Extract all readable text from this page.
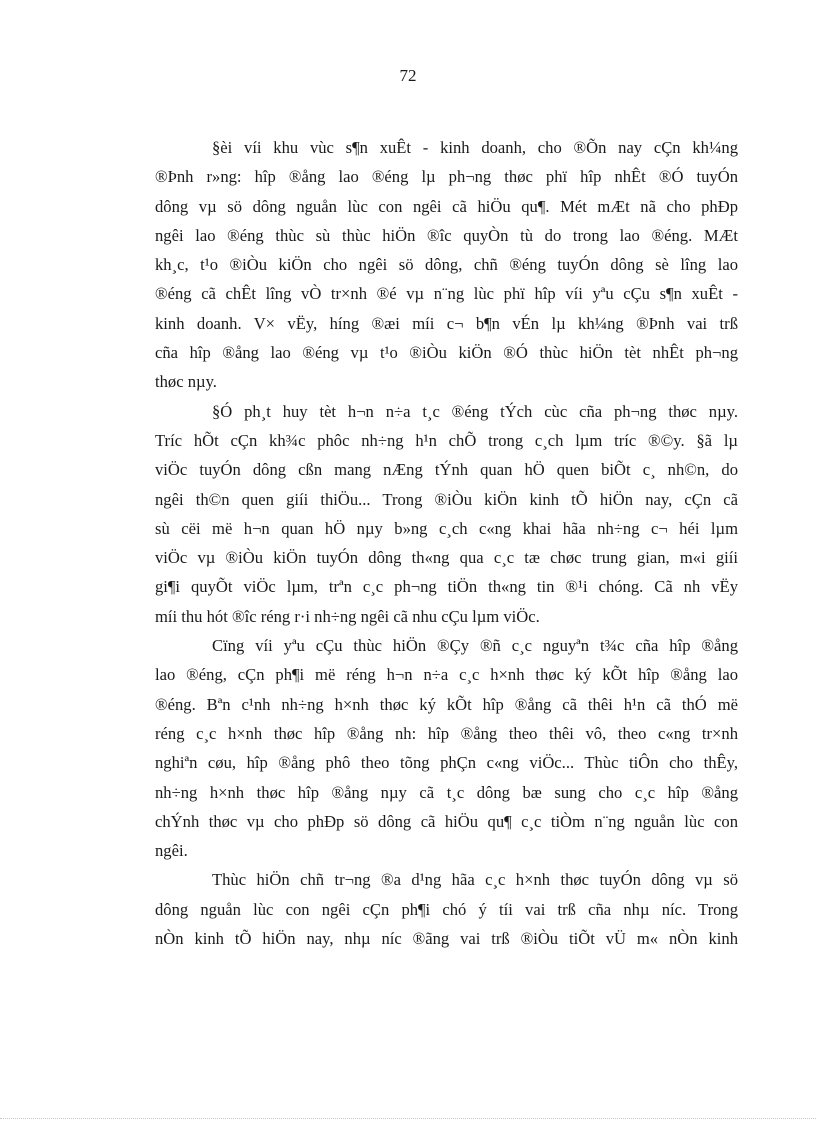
72

§èi víi khu vùc s¶n xuÊt - kinh doanh, cho ®Õn nay cÇn kh¼ng
®Þnh r»ng: hîp ®ång lao ®éng lµ ph¬ng thøc phï hîp nhÊt ®Ó tuyÓn
dông vµ sö dông nguån lùc con ngêi cã hiÖu qu¶. Mét mÆt nã cho phÐp
ngêi lao ®éng thùc sù thùc hiÖn ®îc quyÒn tù do trong lao ®éng. MÆt
kh¸c, t¹o ®iÒu kiÖn cho ngêi sö dông, chñ ®éng tuyÓn dông sè lîng lao
®éng cã chÊt lîng vÒ tr×nh ®é vµ n¨ng lùc phï hîp víi yªu cÇu s¶n xuÊt -
kinh doanh. V× vËy, híng ®æi míi c¬ b¶n vÉn lµ kh¼ng ®Þnh vai trß
cña hîp ®ång lao ®éng vµ t¹o ®iÒu kiÖn ®Ó thùc hiÖn tèt nhÊt ph¬ng
thøc nµy.

§Ó ph¸t huy tèt h¬n n÷a t¸c ®éng tÝch cùc cña ph¬ng thøc nµy.
Tríc hÕt cÇn kh¾c phôc nh÷ng h¹n chÕ trong c¸ch lµm tríc ®©y. §ã lµ
viÖc tuyÓn dông cßn mang nÆng tÝnh quan hÖ quen biÕt c¸ nh©n, do
ngêi th©n quen giíi thiÖu... Trong ®iÒu kiÖn kinh tÕ hiÖn nay, cÇn cã
sù cëi më h¬n quan hÖ nµy b»ng c¸ch c«ng khai hãa nh÷ng c¬ héi lµm
viÖc vµ ®iÒu kiÖn tuyÓn dông th«ng qua c¸c tæ chøc trung gian, m«i giíi
gi¶i quyÕt viÖc lµm, trªn c¸c ph¬ng tiÖn th«ng tin ®¹i chóng. Cã nh vËy
míi thu hót ®îc réng r·i nh÷ng ngêi cã nhu cÇu lµm viÖc.

Cïng víi yªu cÇu thùc hiÖn ®Çy ®ñ c¸c nguyªn t¾c cña hîp ®ång
lao ®éng, cÇn ph¶i më réng h¬n n÷a c¸c h×nh thøc ký kÕt hîp ®ång lao
®éng. Bªn c¹nh nh÷ng h×nh thøc ký kÕt hîp ®ång cã thêi h¹n cã thÓ më
réng c¸c h×nh thøc hîp ®ång nh: hîp ®ång theo thêi vô, theo c«ng tr×nh
nghiªn cøu, hîp ®ång phô theo tõng phÇn c«ng viÖc... Thùc tiÔn cho thÊy,
nh÷ng h×nh thøc hîp ®ång nµy cã t¸c dông bæ sung cho c¸c hîp ®ång
chÝnh thøc vµ cho phÐp sö dông cã hiÖu qu¶ c¸c tiÒm n¨ng nguån lùc con
ngêi.

Thùc hiÖn chñ tr¬ng ®a d¹ng hãa c¸c h×nh thøc tuyÓn dông vµ sö
dông nguån lùc con ngêi cÇn ph¶i chó ý tíi vai trß cña nhµ níc. Trong
nÒn kinh tÕ hiÖn nay, nhµ níc ®ãng vai trß ®iÒu tiÕt vÜ m« nÒn kinh
